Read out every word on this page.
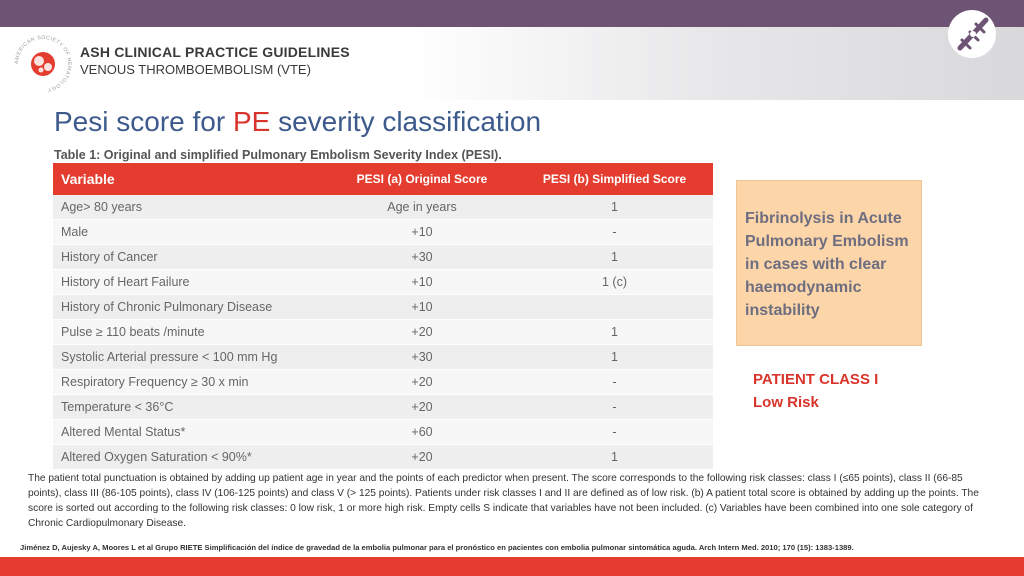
AMERICAN SOCIETY OF HEMATOLOGY
ASH CLINICAL PRACTICE GUIDELINES
VENOUS THROMBOEMBOLISM (VTE)
Pesi score for PE severity classification
Table 1: Original and simplified Pulmonary Embolism Severity Index (PESI).
Variable	PESI (a) Original Score	PESI (b) Simplified Score
Age> 80 years	Age in years	1
Male	+10	-
History of Cancer	+30	1
History of Heart Failure	+10	1 (c)
History of Chronic Pulmonary Disease	+10	
Pulse ≥ 110 beats /minute	+20	1
Systolic Arterial pressure < 100 mm Hg	+30	1
Respiratory Frequency ≥ 30 x min	+20	-
Temperature < 36°C	+20	-
Altered Mental Status*	+60	-
Altered Oxygen Saturation < 90%*	+20	1
Fibrinolysis in Acute Pulmonary Embolism in cases with clear haemodynamic instability
PATIENT CLASS I
Low Risk
The patient total punctuation is obtained by adding up patient age in year and the points of each predictor when present. The score corresponds to the following risk classes: class I (≤65 points), class II (66-85 points), class III (86-105 points), class IV (106-125 points) and class V (> 125 points). Patients under risk classes I and II are defined as of low risk. (b) A patient total score is obtained by adding up the points. The score is sorted out according to the following risk classes: 0 low risk, 1 or more high risk. Empty cells S indicate that variables have not been included. (c) Variables have been combined into one sole category of Chronic Cardiopulmonary Disease.
Jiménez D, Aujesky A, Moores L et al Grupo RIETE Simplificación del índice de gravedad de la embolia pulmonar para el pronóstico en pacientes con embolia pulmonar sintomática aguda. Arch Intern Med. 2010; 170 (15): 1383-1389.
